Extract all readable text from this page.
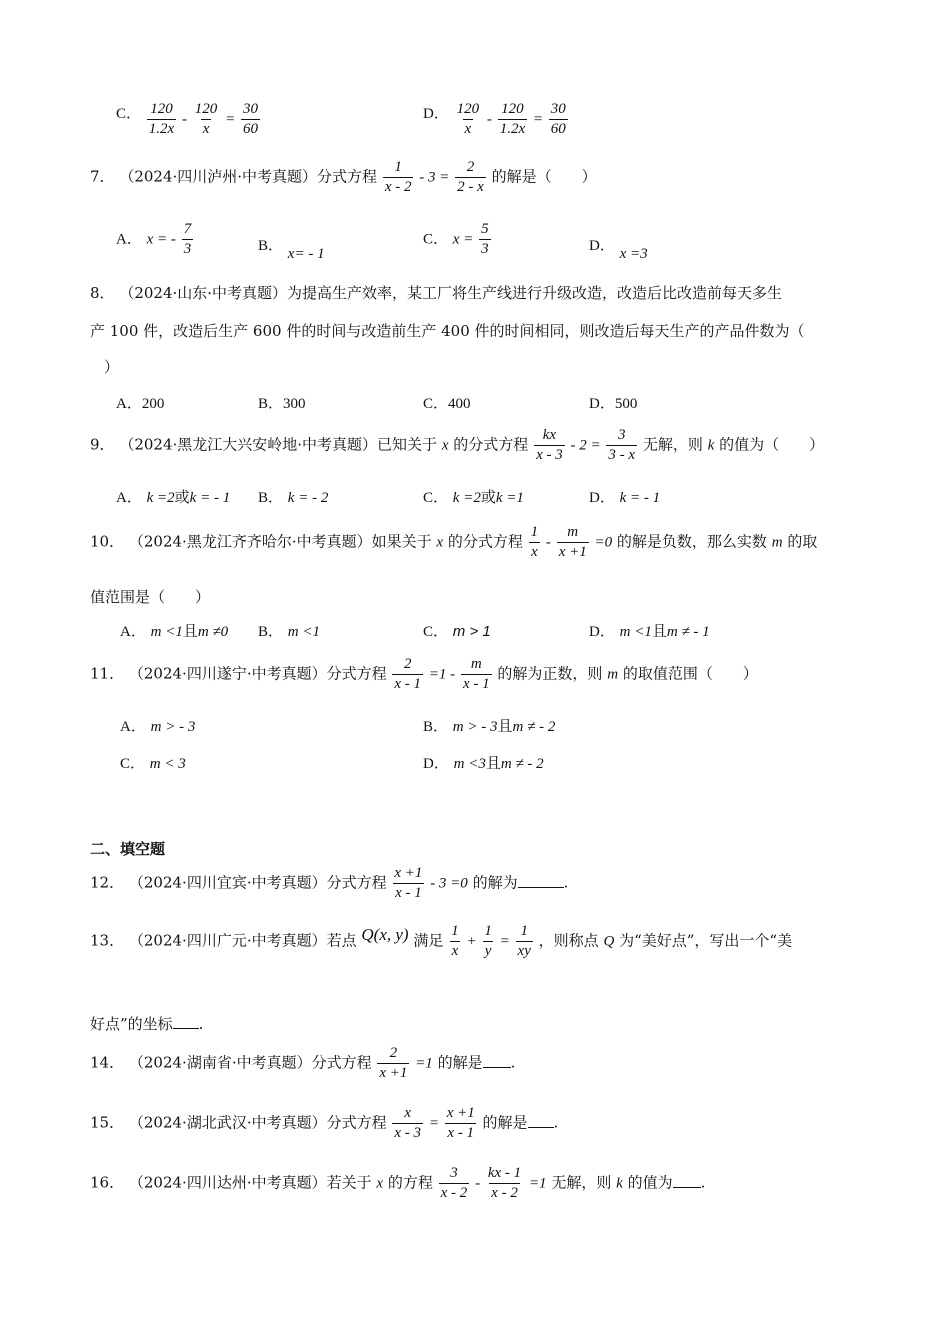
C． $\frac{120}{1.2x} - \frac{120}{x} = \frac{30}{60}$	D． $\frac{120}{x} - \frac{120}{1.2x} = \frac{30}{60}$
7． （2024·四川泸州·中考真题）分式方程 $\frac{1}{x - 2} - 3 = \frac{2}{2 - x}$ 的解是（　　）
A． x = - $\frac{7}{3}$	B． x= - 1
C． $x = \frac{5}{3}$	D． x =3
8． （2024·山东·中考真题）为提高生产效率，某工厂将生产线进行升级改造，改造后比改造前每天多生
产 100 件，改造后生产 600 件的时间与改造前生产 400 件的时间相同，则改造后每天生产的产品件数为（
）
A．200	B．300	C．400	D．500
9． （2024·黑龙江大兴安岭地·中考真题）已知关于 x 的分式方程 $\frac{kx}{x - 3} - 2 = \frac{3}{3 - x}$ 无解，则 k 的值为（　　）
A． k =2或k = - 1 B． k = - 2	C． k =2或k =1	D． k = - 1
10． （2024·黑龙江齐齐哈尔·中考真题）如果关于 x 的分式方程 $\frac{1}{x} - \frac{m}{x +1} =0$ 的解是负数，那么实数 m 的取
值范围是（　　）
A． m <1且m ≠0 B． m <1	C． m > 1	D． m <1且m ≠ - 1
11． （2024·四川遂宁·中考真题）分式方程 $\frac{2}{x - 1} =1 - \frac{m}{x - 1}$ 的解为正数，则 m 的取值范围（　　）
A． m > - 3	B． m > - 3且m ≠ - 2
C． m < 3	D． m <3且m ≠ - 2
二、填空题
12． （2024·四川宜宾·中考真题）分式方程 $\frac{x +1}{x - 1} - 3 =0$ 的解为	.
13． （2024·四川广元·中考真题）若点 Q(x, y) 满足 $\frac{1}{x} + \frac{1}{y} = \frac{1}{xy}$ ，则称点 Q 为“美好点”，写出一个“美
好点”的坐标 .
14． （2024·湖南省·中考真题）分式方程 $\frac{2}{x +1} =1$ 的解是 .
15． （2024·湖北武汉·中考真题）分式方程 $\frac{x}{x - 3} = \frac{x +1}{x - 1}$ 的解是 .
16． （2024·四川达州·中考真题）若关于 x 的方程 $\frac{3}{x - 2} - \frac{kx - 1}{x - 2} =1$ 无解，则 k 的值为 .
